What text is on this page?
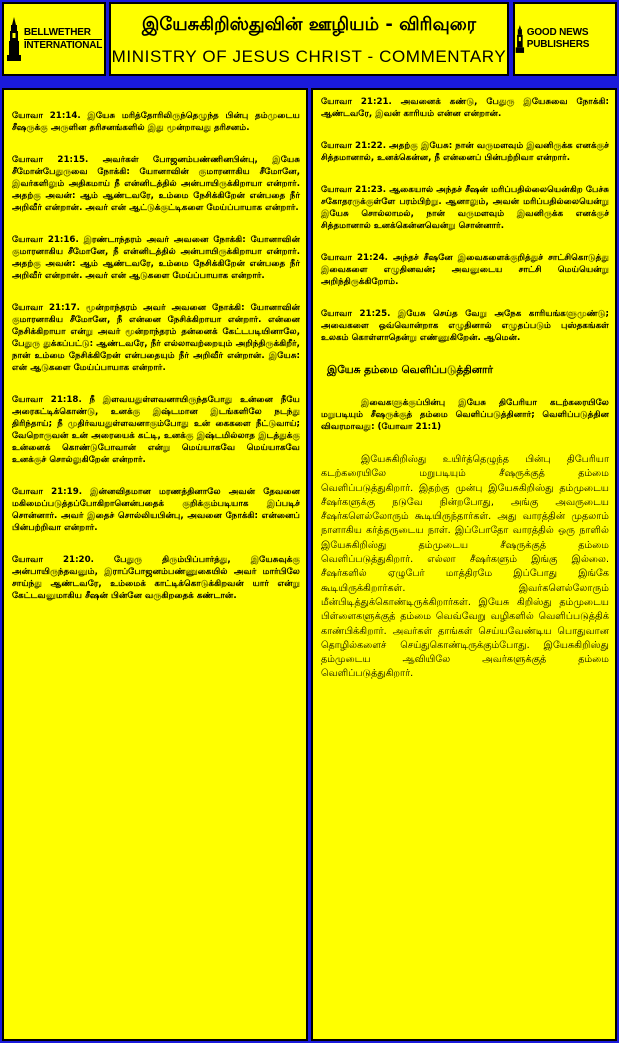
BELLWETHER
INTERNATIONAL
இயேசுகிறிஸ்துவின் ஊழியம் - விரிவுரை
MINISTRY OF JESUS CHRIST - COMMENTARY
GOOD NEWS PUBLISHERS

யோவா 21:14. இயேசு மரித்தோரிலிருந்தெழுந்த பின்பு தம்முடைய சீஷருக்கு அருளின தரிசனங்களில் இது மூன்றாவது தரிசனம்.

யோவா 21:15. அவர்கள் போஜனம்பண்ணினபின்பு, இயேசு சீமோன்பேதுருவை நோக்கி: யோனாவின் குமாரனாகிய சீமோனே, இவர்களிலும் அதிகமாய் நீ என்னிடத்தில் அன்பாயிருக்கிறாயா என்றார். அதற்கு அவன்: ஆம் ஆண்டவரே, உம்மை நேசிக்கிறேன் என்பதை நீர் அறிவீர் என்றான். அவர் என் ஆட்டுக்குட்டிகளை மேய்ப்பாயாக என்றார்.

யோவா 21:16. இரண்டாந்தரம் அவர் அவனை நோக்கி: யோனாவின் குமாரனாகிய சீமோனே, நீ என்னிடத்தில் அன்பாயிருக்கிறாயா என்றார். அதற்கு அவன்: ஆம் ஆண்டவரே, உம்மை நேசிக்கிறேன் என்பதை நீர் அறிவீர் என்றான். அவர் என் ஆடுகளை மேய்ப்பாயாக என்றார்.

யோவா 21:17. மூன்றாந்தரம் அவர் அவனை நோக்கி: யோனாவின் குமாரனாகிய சீமோனே, நீ என்னை நேசிக்கிறாயா என்றார். என்னை நேசிக்கிறாயா என்று அவர் மூன்றாந்தரம் தன்னைக் கேட்டபடியினாலே, பேதுரு துக்கப்பட்டு: ஆண்டவரே, நீர் எல்லாவற்றையும் அறிந்திருக்கிறீர், நான் உம்மை நேசிக்கிறேன் என்பதையும் நீர் அறிவீர் என்றான். இயேசு: என் ஆடுகளை மேய்ப்பாயாக என்றார்.

யோவா 21:18. நீ இளவயதுள்ளவனாயிருந்தபோது உன்னை நீயே அரைகட்டிக்கொண்டு, உனக்கு இஷ்டமான இடங்களிலே நடந்து திரிந்தாய்; நீ முதிர்வயதுள்ளவனாகும்போது உன் கைகளை நீட்டுவாய்; வேறொருவன் உன் அரையைக் கட்டி, உனக்கு இஷ்டமில்லாத இடத்துக்கு உன்னைக் கொண்டுபோவான் என்று மெய்யாகவே மெய்யாகவே உனக்குச் சொல்லுகிறேன் என்றார்.

யோவா 21:19. இன்னவிதமான மரணத்தினாலே அவன் தேவனை மகிமைப்படுத்தப்போகிறானென்பதைக் குறிக்கும்படியாக இப்படிச் சொன்னார். அவர் இதைச் சொல்லியபின்பு, அவனை நோக்கி: என்னைப் பின்பற்றிவா என்றார்.

யோவா 21:20. பேதுரு திரும்பிப்பார்த்து, இயேசுவுக்கு அன்பாயிருந்தவனும், இராப்போஜனம்பண்ணுகையில் அவர் மார்பிலே சாய்ந்து ஆண்டவரே, உம்மைக் காட்டிக்கொடுக்கிறவன் யார் என்று கேட்டவனுமாகிய சீஷன் பின்னே வருகிறதைக் கண்டான்.

யோவா 21:21. அவனைக் கண்டு, பேதுரு இயேசுவை நோக்கி: ஆண்டவரே, இவன் காரியம் என்ன என்றான்.

யோவா 21:22. அதற்கு இயேசு: நான் வருமளவும் இவனிருக்க எனக்குச் சித்தமானால், உனக்கென்ன, நீ என்னைப் பின்பற்றிவா என்றார்.

யோவா 21:23. ஆகையால் அந்தச் சீஷன் மரிப்பதில்லையென்கிற பேச்சு சகோதரருக்குள்ளே பரம்பிற்று. ஆனாலும், அவன் மரிப்பதில்லையென்று இயேசு சொல்லாமல், நான் வருமளவும் இவனிருக்க எனக்குச் சித்தமானால் உனக்கென்னவென்று சொன்னார்.

யோவா 21:24. அந்தச் சீஷனே இவைகளைக்குறித்துச் சாட்சிகொடுத்து இவைகளை எழுதினவன்; அவனுடைய சாட்சி மெய்யென்று அறிந்திருக்கிறோம்.

யோவா 21:25. இயேசு செய்த வேறு அநேக காரியங்களுமுண்டு; அவைகளை ஒவ்வொன்றாக எழுதினால் எழுதப்படும் புஸ்தகங்கள் உலகம் கொள்ளாதென்று எண்ணுகிறேன். ஆமென்.

இயேசு தம்மை வெளிப்படுத்தினார்

இவைகளுக்குப்பின்பு இயேசு திபேரியா கடற்கரையிலே மறுபடியும் சீஷருக்குத் தம்மை வெளிப்படுத்தினார்; வெளிப்படுத்தின விவரமாவது: (யோவா 21:1)

இயேசுகிறிஸ்து உயிர்த்தெழுந்த பின்பு திபேரியா கடற்கரையிலே மறுபடியும் சீஷருக்குத் தம்மை வெளிப்படுத்துகிறார். இதற்கு முன்பு இயேசுகிறிஸ்து தம்முடைய சீஷர்களுக்கு நடுவே நின்றபோது, அங்கு அவருடைய சீஷர்களெல்லோரும் கூடியிருந்தார்கள். அது வாரத்தின் முதலாம் நாளாகிய கர்த்தருடைய நாள். இப்போதோ வாரத்தில் ஒரு நாளில் இயேசுகிறிஸ்து தம்முடைய சீஷருக்குத் தம்மை வெளிப்படுத்துகிறார். எல்லா சீஷர்களும் இங்கு இல்லை. சீஷர்களில் ஏழுபேர் மாத்திரமே இப்போது இங்கே கூடியிருக்கிறார்கள். இவர்களெல்லோரும் மீன்பிடித்துக்கொண்டிருக்கிறார்கள். இயேசு கிறிஸ்து தம்முடைய பிள்ளைகளுக்குத் தம்மை வெவ்வேறு வழிகளில் வெளிப்படுத்திக் காண்பிக்கிறார். அவர்கள் தாங்கள் செய்யவேண்டிய பொதுவான தொழில்களைச் செய்துகொண்டிருக்கும்போது. இயேசுகிறிஸ்து தம்முடைய ஆவியிலே அவர்களுக்குத் தம்மை வெளிப்படுத்துகிறார்.
